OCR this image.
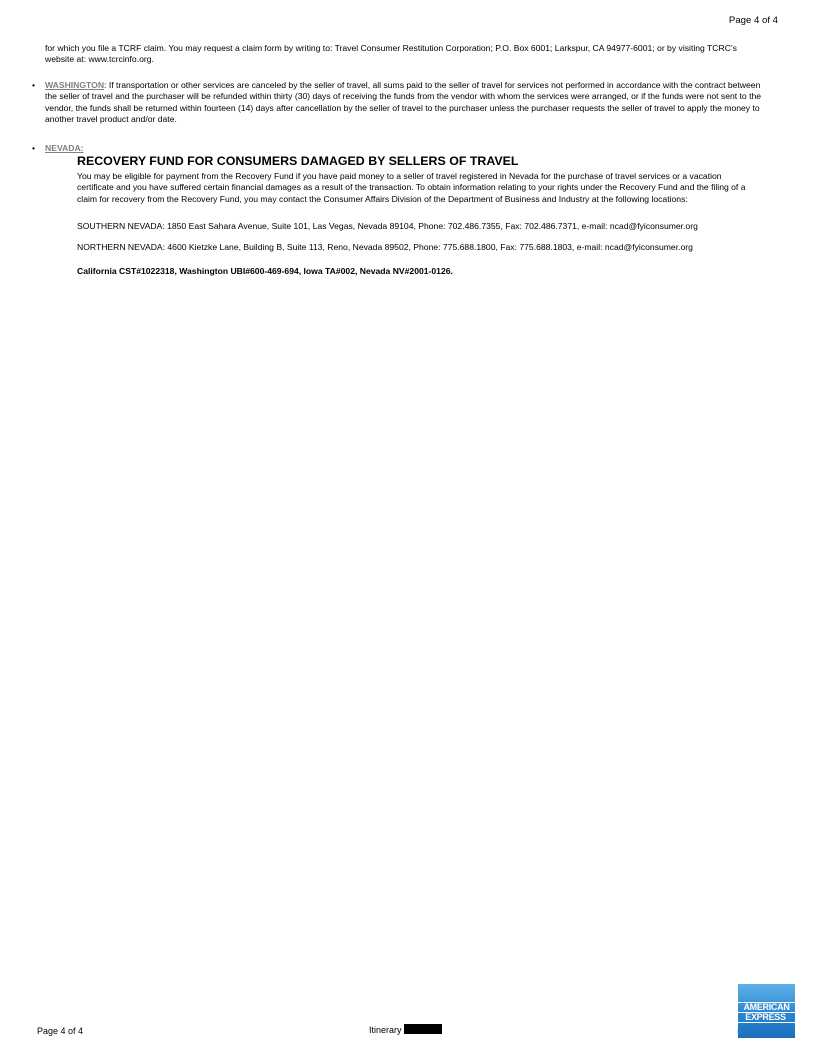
Page 4 of 4
for which you file a TCRF claim. You may request a claim form by writing to: Travel Consumer Restitution Corporation; P.O. Box 6001; Larkspur, CA 94977-6001; or by visiting TCRC’s website at: www.tcrcinfo.org.
• WASHINGTON: If transportation or other services are canceled by the seller of travel, all sums paid to the seller of travel for services not performed in accordance with the contract between the seller of travel and the purchaser will be refunded within thirty (30) days of receiving the funds from the vendor with whom the services were arranged, or if the funds were not sent to the vendor, the funds shall be returned within fourteen (14) days after cancellation by the seller of travel to the purchaser unless the purchaser requests the seller of travel to apply the money to another travel product and/or date.
• NEVADA:
RECOVERY FUND FOR CONSUMERS DAMAGED BY SELLERS OF TRAVEL
You may be eligible for payment from the Recovery Fund if you have paid money to a seller of travel registered in Nevada for the purchase of travel services or a vacation certificate and you have suffered certain financial damages as a result of the transaction. To obtain information relating to your rights under the Recovery Fund and the filing of a claim for recovery from the Recovery Fund, you may contact the Consumer Affairs Division of the Department of Business and Industry at the following locations:
SOUTHERN NEVADA: 1850 East Sahara Avenue, Suite 101, Las Vegas, Nevada 89104, Phone: 702.486.7355, Fax: 702.486.7371, e-mail: ncad@fyiconsumer.org
NORTHERN NEVADA: 4600 Kietzke Lane, Building B, Suite 113, Reno, Nevada 89502, Phone: 775.688.1800, Fax: 775.688.1803, e-mail: ncad@fyiconsumer.org
California CST#1022318, Washington UBI#600-469-694, Iowa TA#002, Nevada NV#2001-0126.
Page 4 of 4	Itinerary
AMERICAN
EXPRESS
®
